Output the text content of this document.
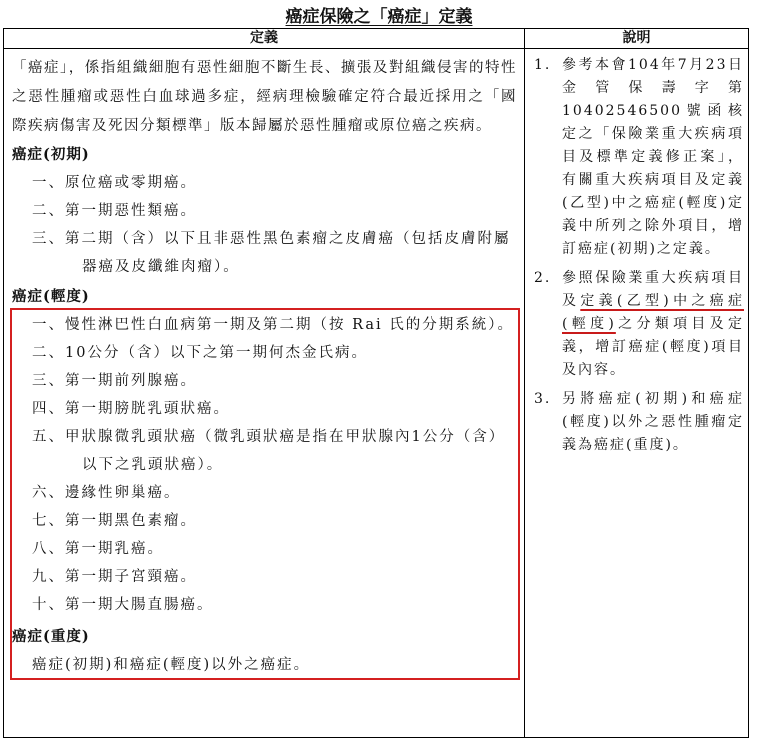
癌症保險之「癌症」定義
定義	說明

「癌症」，係指組織細胞有惡性細胞不斷生長、擴張及對組織侵害的特性之惡性腫瘤或惡性白血球過多症，經病理檢驗確定符合最近採用之「國際疾病傷害及死因分類標準」版本歸屬於惡性腫瘤或原位癌之疾病。

癌症(初期)

一、原位癌或零期癌。

二、第一期惡性類癌。

三、第二期（含）以下且非惡性黑色素瘤之皮膚癌（包括皮膚附屬器癌及皮纖維肉瘤）。

癌症(輕度)

一、慢性淋巴性白血病第一期及第二期（按 Rai 氏的分期系統）。

二、10公分（含）以下之第一期何杰金氏病。

三、第一期前列腺癌。

四、第一期膀胱乳頭狀癌。

五、甲狀腺微乳頭狀癌（微乳頭狀癌是指在甲狀腺內1公分（含）以下之乳頭狀癌）。

六、邊緣性卵巢癌。

七、第一期黑色素瘤。

八、第一期乳癌。

九、第一期子宮頸癌。

十、第一期大腸直腸癌。

癌症(重度)

癌症(初期)和癌症(輕度)以外之癌症。

1. 參考本會104年7月23日金管保壽字第10402546500號函核定之「保險業重大疾病項目及標準定義修正案」，有關重大疾病項目及定義(乙型)中之癌症(輕度)定義中所列之除外項目，增訂癌症(初期)之定義。

2. 參照保險業重大疾病項目及定義(乙型)中之癌症(輕度)之分類項目及定義，增訂癌症(輕度)項目及內容。

3. 另將癌症(初期)和癌症(輕度)以外之惡性腫瘤定義為癌症(重度)。
